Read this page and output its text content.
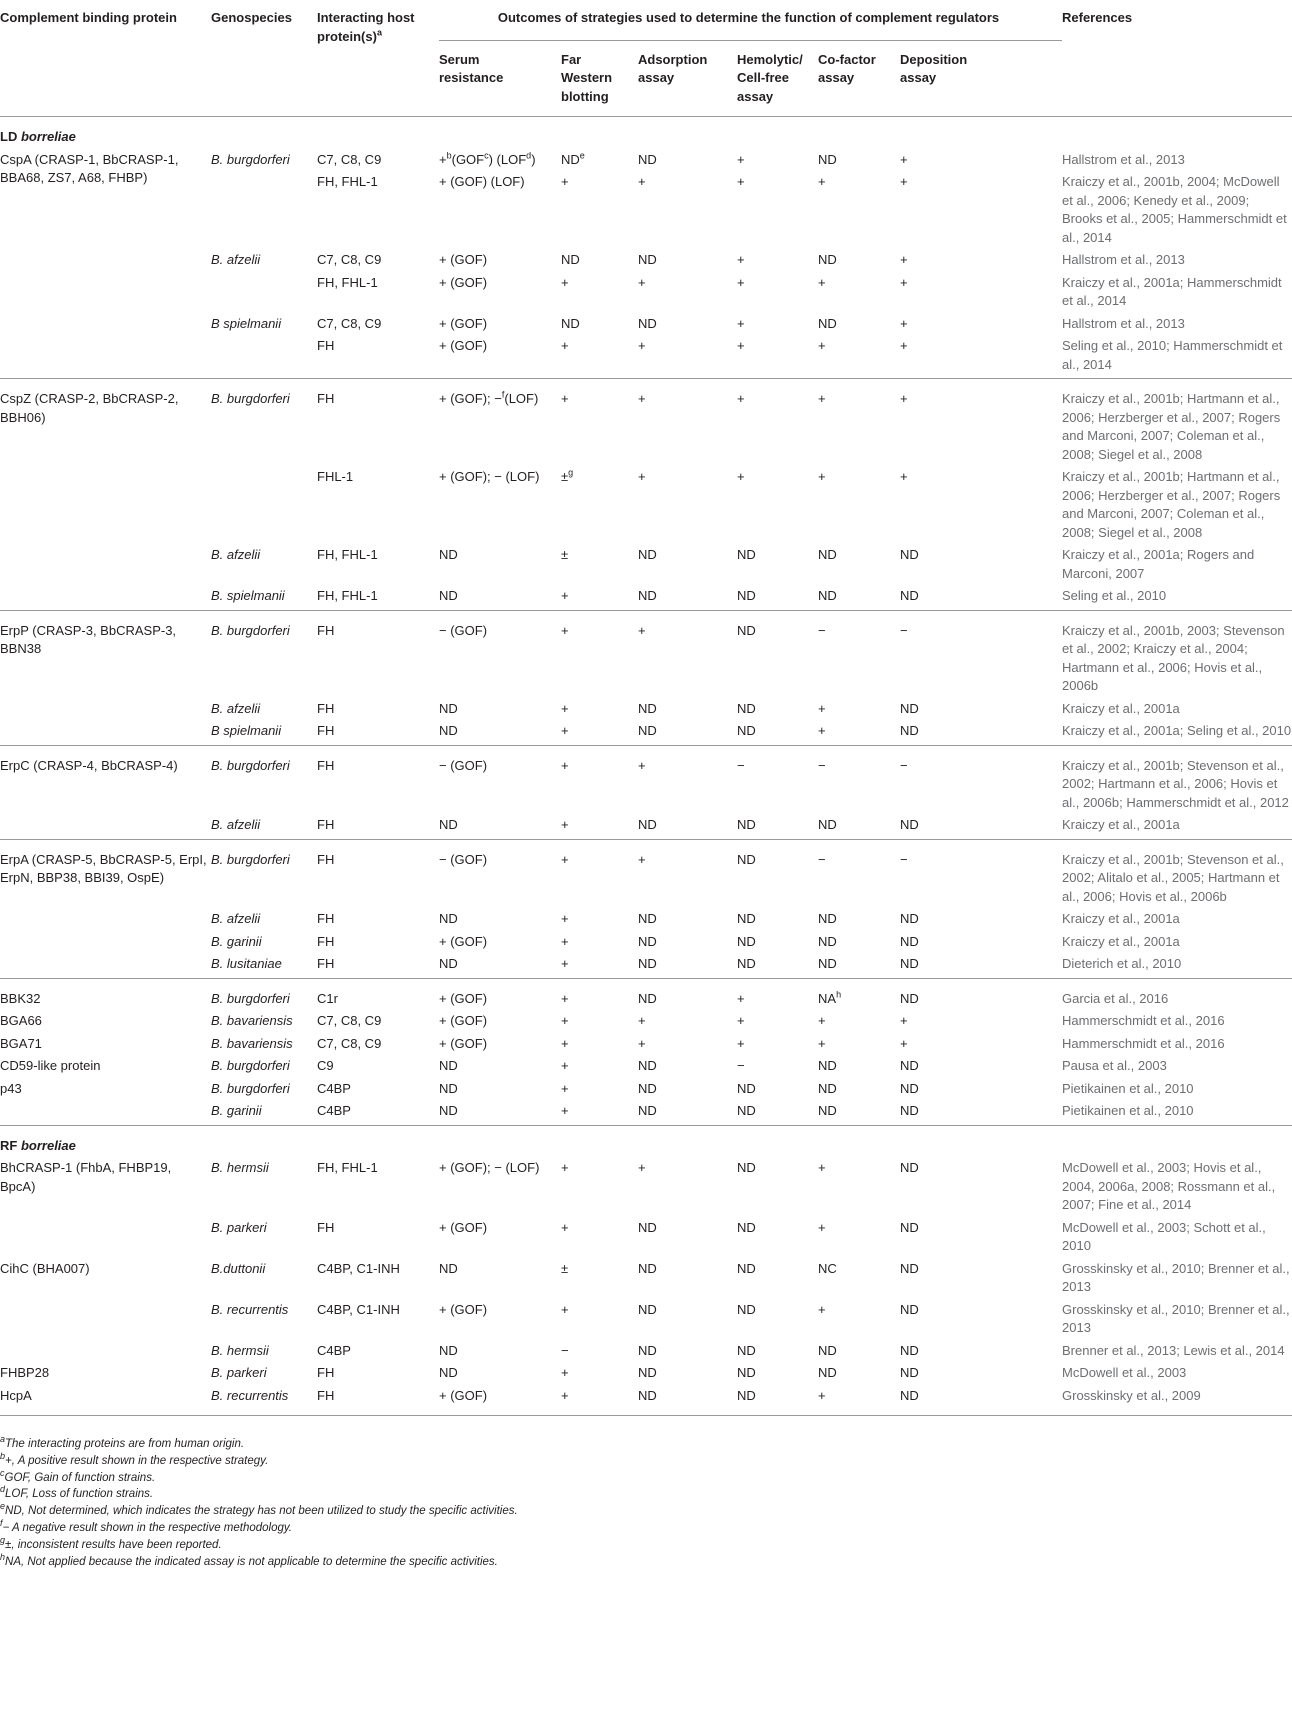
Complement binding protein	Genospecies	Interacting host $protein(s)^a$	Outcomes of strategies used to determine the function of complement regulators						References

			Serum resistance	Far Western blotting	Adsorption assay	Hemolytic/ Cell-free assay	Co-factor assay	Deposition assay	

LD borreliae									

CspA (CRASP-1, BbCRASP-1, BBA68, ZS7, A68, FHBP)	B. burgdorferi	C7, C8, C9	$+^b(GOF^c)$ (LOF$^d$)	$ND^e$	ND	+	ND	+	Hallstrom et al., 2013
		FH, FHL-1	+ (GOF) (LOF)	+	+	+	+	+	Kraiczy et al., 2001b, 2004; McDowell et al., 2006; Kenedy et al., 2009; Brooks et al., 2005; Hammerschmidt et al., 2014
	B. afzelii	C7, C8, C9	+ (GOF)	ND	ND	+	ND	+	Hallstrom et al., 2013
		FH, FHL-1	+ (GOF)	+	+	+	+	+	Kraiczy et al., 2001a; Hammerschmidt et al., 2014
	B spielmanii	C7, C8, C9	+ (GOF)	ND	ND	+	ND	+	Hallstrom et al., 2013
		FH	+ (GOF)	+	+	+	+	+	Seling et al., 2010; Hammerschmidt et al., 2014

CspZ (CRASP-2, BbCRASP-2, BBH06)	B. burgdorferi	FH	+ (GOF); −$^f$(LOF)	+	+	+	+	+	Kraiczy et al., 2001b; Hartmann et al., 2006; Herzberger et al., 2007; Rogers and Marconi, 2007; Coleman et al., 2008; Siegel et al., 2008
		FHL-1	+ (GOF); − (LOF)	±$^g$	+	+	+	+	Kraiczy et al., 2001b; Hartmann et al., 2006; Herzberger et al., 2007; Rogers and Marconi, 2007; Coleman et al., 2008; Siegel et al., 2008
	B. afzelii	FH, FHL-1	ND	±	ND	ND	ND	ND	Kraiczy et al., 2001a; Rogers and Marconi, 2007
	B. spielmanii	FH, FHL-1	ND	+	ND	ND	ND	ND	Seling et al., 2010

ErpP (CRASP-3, BbCRASP-3, BBN38	B. burgdorferi	FH	− (GOF)	+	+	ND	−	−	Kraiczy et al., 2001b, 2003; Stevenson et al., 2002; Kraiczy et al., 2004; Hartmann et al., 2006; Hovis et al., 2006b
	B. afzelii	FH	ND	+	ND	ND	+	ND	Kraiczy et al., 2001a
	B spielmanii	FH	ND	+	ND	ND	+	ND	Kraiczy et al., 2001a; Seling et al., 2010

ErpC (CRASP-4, BbCRASP-4)	B. burgdorferi	FH	− (GOF)	+	+	−	−	−	Kraiczy et al., 2001b; Stevenson et al., 2002; Hartmann et al., 2006; Hovis et al., 2006b; Hammerschmidt et al., 2012
	B. afzelii	FH	ND	+	ND	ND	ND	ND	Kraiczy et al., 2001a

ErpA (CRASP-5, BbCRASP-5, ErpI, ErpN, BBP38, BBI39, OspE)	B. burgdorferi	FH	− (GOF)	+	+	ND	−	−	Kraiczy et al., 2001b; Stevenson et al., 2002; Alitalo et al., 2005; Hartmann et al., 2006; Hovis et al., 2006b
	B. afzelii	FH	ND	+	ND	ND	ND	ND	Kraiczy et al., 2001a
	B. garinii	FH	+ (GOF)	+	ND	ND	ND	ND	Kraiczy et al., 2001a
	B. lusitaniae	FH	ND	+	ND	ND	ND	ND	Dieterich et al., 2010
BBK32	B. burgdorferi	C1r	+ (GOF)	+	ND	+	$NA^h$	ND	Garcia et al., 2016
BGA66	B. bavariensis	C7, C8, C9	+ (GOF)	+	+	+	+	+	Hammerschmidt et al., 2016
BGA71	B. bavariensis	C7, C8, C9	+ (GOF)	+	+	+	+	+	Hammerschmidt et al., 2016
CD59-like protein	B. burgdorferi	C9	ND	+	ND	−	ND	ND	Pausa et al., 2003
p43	B. burgdorferi	C4BP	ND	+	ND	ND	ND	ND	Pietikainen et al., 2010
	B. garinii	C4BP	ND	+	ND	ND	ND	ND	Pietikainen et al., 2010

RF borreliae									

BhCRASP-1 (FhbA, FHBP19, BpcA)	B. hermsii	FH, FHL-1	+ (GOF); − (LOF)	+	+	ND	+	ND	McDowell et al., 2003; Hovis et al., 2004, 2006a, 2008; Rossmann et al., 2007; Fine et al., 2014
	B. parkeri	FH	+ (GOF)	+	ND	ND	+	ND	McDowell et al., 2003; Schott et al., 2010

CihC (BHA007)	B.duttonii	C4BP, C1-INH	ND	±	ND	ND	NC	ND	Grosskinsky et al., 2010; Brenner et al., 2013
	B. recurrentis	C4BP, C1-INH	+ (GOF)	+	ND	ND	+	ND	Grosskinsky et al., 2010; Brenner et al., 2013
	B. hermsii	C4BP	ND	−	ND	ND	ND	ND	Brenner et al., 2013; Lewis et al., 2014
FHBP28	B. parkeri	FH	ND	+	ND	ND	ND	ND	McDowell et al., 2003
HcpA	B. recurrentis	FH	+ (GOF)	+	ND	ND	+	ND	Grosskinsky et al., 2009
$^a$The interacting proteins are from human origin.
$^b$+, A positive result shown in the respective strategy.
$^c$GOF, Gain of function strains.
$^d$LOF, Loss of function strains.
$^e$ND, Not determined, which indicates the strategy has not been utilized to study the specific activities.
$^f$− A negative result shown in the respective methodology.
$^g$±, inconsistent results have been reported.
$^h$NA, Not applied because the indicated assay is not applicable to determine the specific activities.
